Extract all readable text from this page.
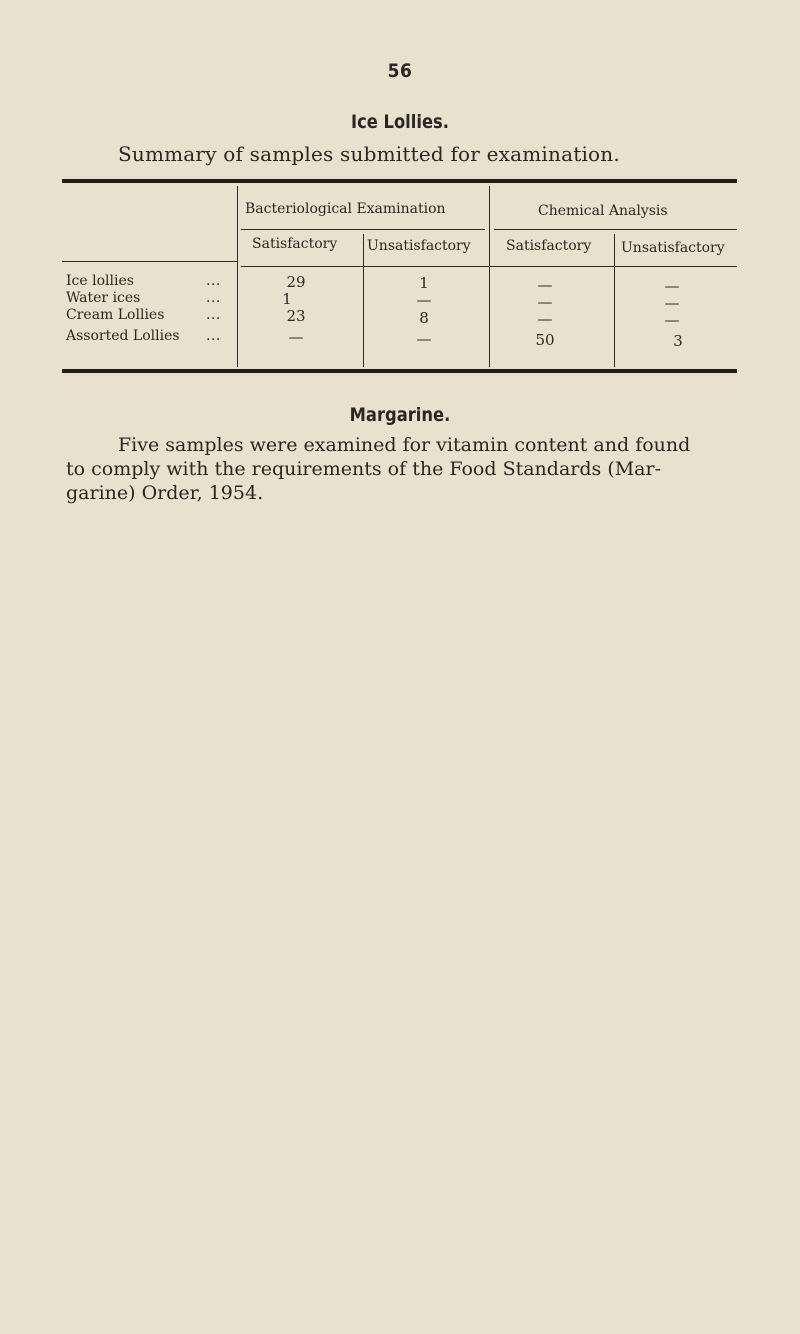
56
Ice Lollies.
Summary of samples submitted for examination.
Bacteriological Examination	Chemical Analysis
Satisfactory Unsatisfactory	Satisfactory Unsatisfactory
Ice lollies	...	29	1	—	—
Water ices	...	1	—	—	—
Cream Lollies	...	23	8	—	—
Assorted Lollies ...	—	—	50	3
Margarine.
Five samples were examined for vitamin content and found
to comply with the requirements of the Food Standards (Mar-
garine) Order, 1954.
